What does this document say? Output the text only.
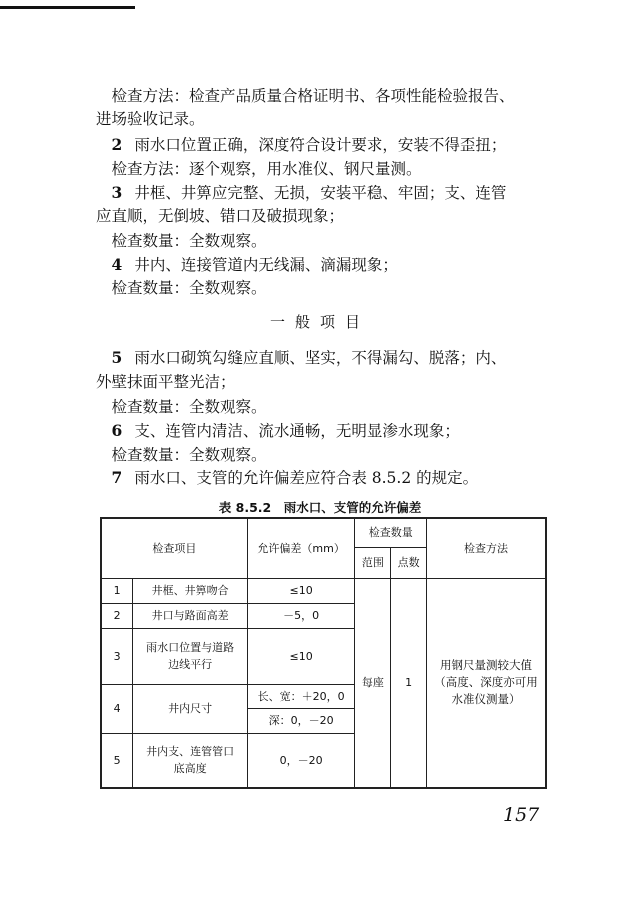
　检查方法：检查产品质量合格证明书、各项性能检验报告、
进场验收记录。
　2 雨水口位置正确，深度符合设计要求，安装不得歪扭；
　检查方法：逐个观察，用水准仪、钢尺量测。
　3 井框、井箅应完整、无损，安装平稳、牢固；支、连管
应直顺，无倒坡、错口及破损现象；
　检查数量：全数观察。
　4 井内、连接管道内无线漏、滴漏现象；
　检查数量：全数观察。
一般项目
　5 雨水口砌筑勾缝应直顺、坚实，不得漏勾、脱落；内、
外壁抹面平整光洁；
　检查数量：全数观察。
　6 支、连管内清洁、流水通畅，无明显渗水现象；
　检查数量：全数观察。
　7 雨水口、支管的允许偏差应符合表 8.5.2 的规定。
表 8.5.2　雨水口、支管的允许偏差
检查项目		允许偏差（mm）	检查数量		检查方法
			范围	点数	
1	井框、井箅吻合	≤10	每座	1	用钢尺量测较大值（高度、深度亦可用水准仪测量）
2	井口与路面高差	－5，0			
3	雨水口位置与道路边线平行	≤10			
4	井内尺寸	长、宽：＋20，0			
		深：0，－20			
5	井内支、连管管口底高度	0，－20			
157
